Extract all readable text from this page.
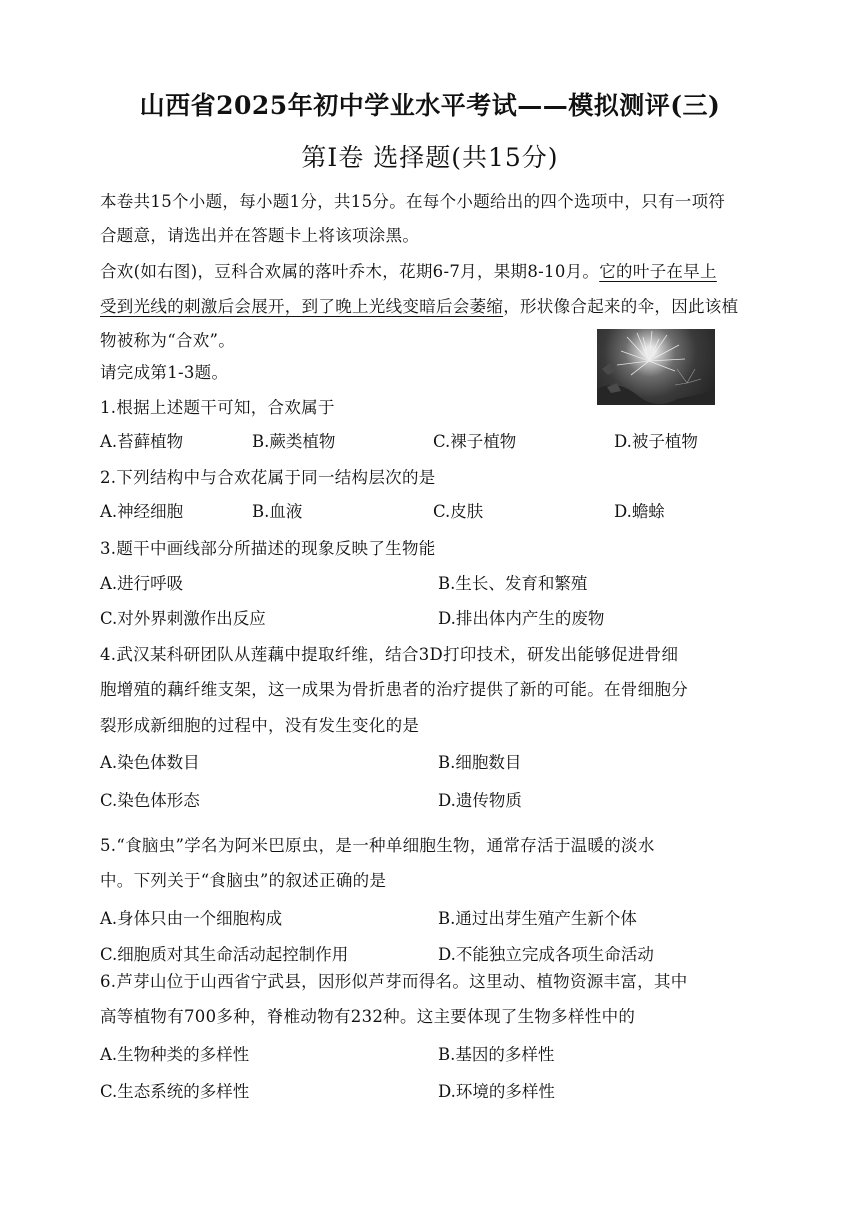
山西省2025年初中学业水平考试——模拟测评(三)
第Ⅰ卷 选择题(共15分)
本卷共15个小题，每小题1分，共15分。在每个小题给出的四个选项中，只有一项符
合题意，请选出并在答题卡上将该项涂黑。
合欢(如右图)，豆科合欢属的落叶乔木，花期6-7月，果期8-10月。它的叶子在早上
受到光线的刺激后会展开，到了晚上光线变暗后会萎缩，形状像合起来的伞，因此该植
物被称为“合欢”。
请完成第1-3题。
1.根据上述题干可知，合欢属于
A.苔藓植物	B.蕨类植物	C.裸子植物	D.被子植物
2.下列结构中与合欢花属于同一结构层次的是
A.神经细胞	B.血液	C.皮肤	D.蟾蜍
3.题干中画线部分所描述的现象反映了生物能
A.进行呼吸	B.生长、发育和繁殖
C.对外界刺激作出反应	D.排出体内产生的废物
4.武汉某科研团队从莲藕中提取纤维，结合3D打印技术，研发出能够促进骨细
胞增殖的藕纤维支架，这一成果为骨折患者的治疗提供了新的可能。在骨细胞分
裂形成新细胞的过程中，没有发生变化的是
A.染色体数目	B.细胞数目
C.染色体形态	D.遗传物质
5.“食脑虫”学名为阿米巴原虫，是一种单细胞生物，通常存活于温暖的淡水
中。下列关于“食脑虫”的叙述正确的是
A.身体只由一个细胞构成	B.通过出芽生殖产生新个体
C.细胞质对其生命活动起控制作用	D.不能独立完成各项生命活动
6.芦芽山位于山西省宁武县，因形似芦芽而得名。这里动、植物资源丰富，其中
高等植物有700多种，脊椎动物有232种。这主要体现了生物多样性中的
A.生物种类的多样性	B.基因的多样性
C.生态系统的多样性	D.环境的多样性
